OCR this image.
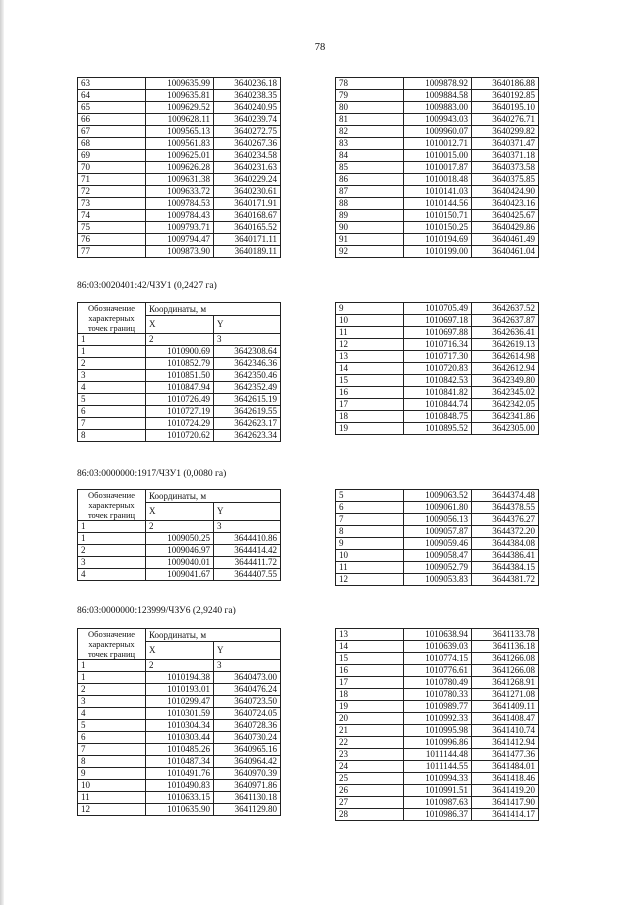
78
63	1009635.99	3640236.18
64	1009635.81	3640238.35
65	1009629.52	3640240.95
66	1009628.11	3640239.74
67	1009565.13	3640272.75
68	1009561.83	3640267.36
69	1009625.01	3640234.58
70	1009626.28	3640231.63
71	1009631.38	3640229.24
72	1009633.72	3640230.61
73	1009784.53	3640171.91
74	1009784.43	3640168.67
75	1009793.71	3640165.52
76	1009794.47	3640171.11
77	1009873.90	3640189.11
78	1009878.92	3640186.88
79	1009884.58	3640192.85
80	1009883.00	3640195.10
81	1009943.03	3640276.71
82	1009960.07	3640299.82
83	1010012.71	3640371.47
84	1010015.00	3640371.18
85	1010017.87	3640373.58
86	1010018.48	3640375.85
87	1010141.03	3640424.90
88	1010144.56	3640423.16
89	1010150.71	3640425.67
90	1010150.25	3640429.86
91	1010194.69	3640461.49
92	1010199.00	3640461.04
86:03:0020401:42/ЧЗУ1 (0,2427 га)
Обозначение характерных точек границ	Координаты, м	
	X	Y
1	2	3
1	1010900.69	3642308.64
2	1010852.79	3642346.36
3	1010851.50	3642350.46
4	1010847.94	3642352.49
5	1010726.49	3642615.19
6	1010727.19	3642619.55
7	1010724.29	3642623.17
8	1010720.62	3642623.34
9	1010705.49	3642637.52
10	1010697.18	3642637.87
11	1010697.88	3642636.41
12	1010716.34	3642619.13
13	1010717.30	3642614.98
14	1010720.83	3642612.94
15	1010842.53	3642349.80
16	1010841.82	3642345.02
17	1010844.74	3642342.05
18	1010848.75	3642341.86
19	1010895.52	3642305.00
86:03:0000000:1917/ЧЗУ1 (0,0080 га)
Обозначение характерных точек границ	Координаты, м	
	X	Y
1	2	3
1	1009050.25	3644410.86
2	1009046.97	3644414.42
3	1009040.01	3644411.72
4	1009041.67	3644407.55
5	1009063.52	3644374.48
6	1009061.80	3644378.55
7	1009056.13	3644376.27
8	1009057.87	3644372.20
9	1009059.46	3644384.08
10	1009058.47	3644386.41
11	1009052.79	3644384.15
12	1009053.83	3644381.72
86:03:0000000:123999/ЧЗУ6 (2,9240 га)
Обозначение характерных точек границ	Координаты, м	
	X	Y
1	2	3
1	1010194.38	3640473.00
2	1010193.01	3640476.24
3	1010299.47	3640723.50
4	1010301.59	3640724.05
5	1010304.34	3640728.36
6	1010303.44	3640730.24
7	1010485.26	3640965.16
8	1010487.34	3640964.42
9	1010491.76	3640970.39
10	1010490.83	3640971.86
11	1010633.15	3641130.18
12	1010635.90	3641129.80
13	1010638.94	3641133.78
14	1010639.03	3641136.18
15	1010774.15	3641266.08
16	1010776.61	3641266.08
17	1010780.49	3641268.91
18	1010780.33	3641271.08
19	1010989.77	3641409.11
20	1010992.33	3641408.47
21	1010995.98	3641410.74
22	1010996.86	3641412.94
23	1011144.48	3641477.36
24	1011144.55	3641484.01
25	1010994.33	3641418.46
26	1010991.51	3641419.20
27	1010987.63	3641417.90
28	1010986.37	3641414.17
